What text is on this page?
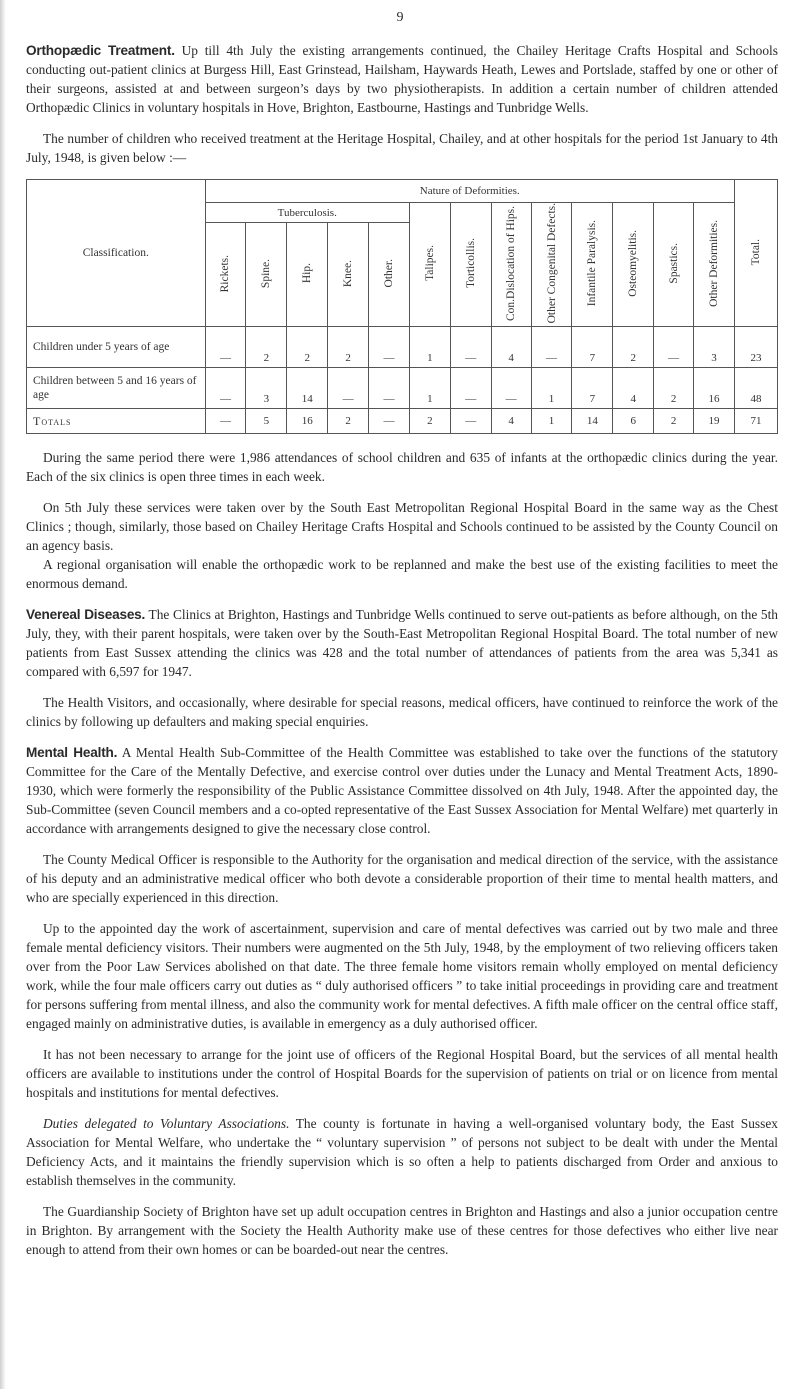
9

Orthopædic Treatment. Up till 4th July the existing arrangements continued, the Chailey Heritage Crafts Hospital and Schools conducting out-patient clinics at Burgess Hill, East Grinstead, Hailsham, Haywards Heath, Lewes and Portslade, staffed by one or other of their surgeons, assisted at and between surgeon’s days by two physiotherapists. In addition a certain number of children attended Orthopædic Clinics in voluntary hospitals in Hove, Brighton, Eastbourne, Hastings and Tunbridge Wells.

The number of children who received treatment at the Heritage Hospital, Chailey, and at other hospitals for the period 1st January to 4th July, 1948, is given below :—

Classification.	Nature of Deformities.													Total.
	Tuberculosis.					Talipes.	Torticollis.	Con.Dislocation of Hips.	Other Congenital Defects.	Infantile Paralysis.	Osteomyelitis.	Spastics.	Other Deformities.	
	Rickets.	Spine.	Hip.	Knee.	Other.									
Children under 5 years of age	—	2	2	2	—	1	—	4	—	7	2	—	3	23
Children between 5 and 16 years of age	—	3	14	—	—	1	—	—	1	7	4	2	16	48
Totals	—	5	16	2	—	2	—	4	1	14	6	2	19	71

During the same period there were 1,986 attendances of school children and 635 of infants at the orthopædic clinics during the year. Each of the six clinics is open three times in each week.

On 5th July these services were taken over by the South East Metropolitan Regional Hospital Board in the same way as the Chest Clinics ; though, similarly, those based on Chailey Heritage Crafts Hospital and Schools continued to be assisted by the County Council on an agency basis.

A regional organisation will enable the orthopædic work to be replanned and make the best use of the existing facilities to meet the enormous demand.

Venereal Diseases. The Clinics at Brighton, Hastings and Tunbridge Wells continued to serve out-patients as before although, on the 5th July, they, with their parent hospitals, were taken over by the South-East Metropolitan Regional Hospital Board. The total number of new patients from East Sussex attending the clinics was 428 and the total number of attendances of patients from the area was 5,341 as compared with 6,597 for 1947.

The Health Visitors, and occasionally, where desirable for special reasons, medical officers, have continued to reinforce the work of the clinics by following up defaulters and making special enquiries.

Mental Health. A Mental Health Sub-Committee of the Health Committee was established to take over the functions of the statutory Committee for the Care of the Mentally Defective, and exercise control over duties under the Lunacy and Mental Treatment Acts, 1890-1930, which were formerly the responsibility of the Public Assistance Committee dissolved on 4th July, 1948. After the appointed day, the Sub-Committee (seven Council members and a co-opted representative of the East Sussex Association for Mental Welfare) met quarterly in accordance with arrangements designed to give the necessary close control.

The County Medical Officer is responsible to the Authority for the organisation and medical direction of the service, with the assistance of his deputy and an administrative medical officer who both devote a considerable proportion of their time to mental health matters, and who are specially experienced in this direction.

Up to the appointed day the work of ascertainment, supervision and care of mental defectives was carried out by two male and three female mental deficiency visitors. Their numbers were augmented on the 5th July, 1948, by the employment of two relieving officers taken over from the Poor Law Services abolished on that date. The three female home visitors remain wholly employed on mental deficiency work, while the four male officers carry out duties as “ duly authorised officers ” to take initial proceedings in providing care and treatment for persons suffering from mental illness, and also the community work for mental defectives. A fifth male officer on the central office staff, engaged mainly on administrative duties, is available in emergency as a duly authorised officer.

It has not been necessary to arrange for the joint use of officers of the Regional Hospital Board, but the services of all mental health officers are available to institutions under the control of Hospital Boards for the supervision of patients on trial or on licence from mental hospitals and institutions for mental defectives.

Duties delegated to Voluntary Associations. The county is fortunate in having a well-organised voluntary body, the East Sussex Association for Mental Welfare, who undertake the “ voluntary supervision ” of persons not subject to be dealt with under the Mental Deficiency Acts, and it maintains the friendly supervision which is so often a help to patients discharged from Order and anxious to establish themselves in the community.

The Guardianship Society of Brighton have set up adult occupation centres in Brighton and Hastings and also a junior occupation centre in Brighton. By arrangement with the Society the Health Authority make use of these centres for those defectives who either live near enough to attend from their own homes or can be boarded-out near the centres.
